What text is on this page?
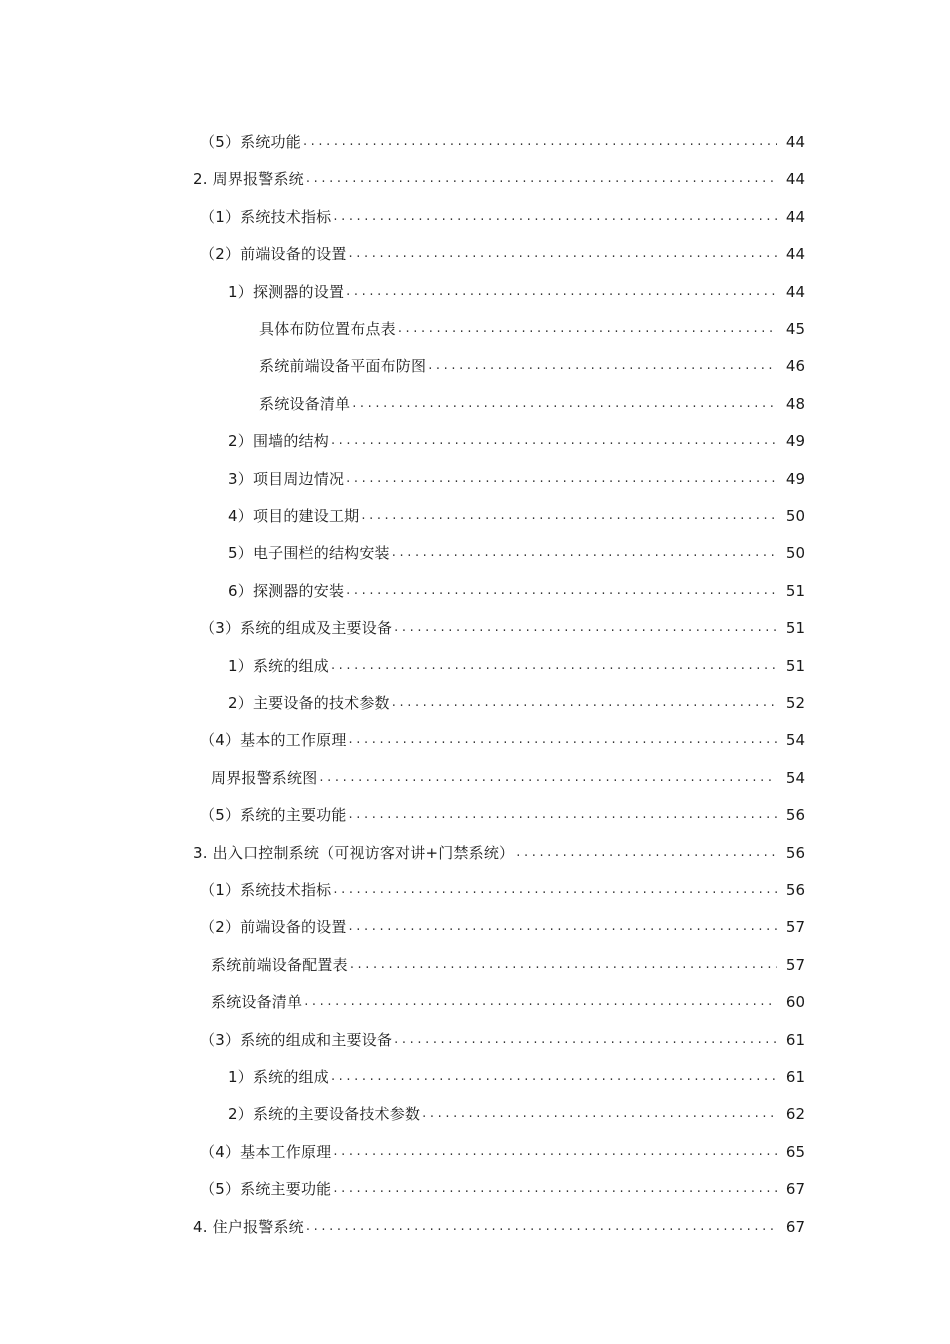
（5）系统功能 .....	44
2. 周界报警系统 .....	44
（1）系统技术指标 .....	44
（2）前端设备的设置 .....	44
1）探测器的设置 .....	44
具体布防位置布点表 .....	45
系统前端设备平面布防图 .....	46
系统设备清单 .....	48
2）围墙的结构 .....	49
3）项目周边情况 .....	49
4）项目的建设工期 .....	50
5）电子围栏的结构安装 .....	50
6）探测器的安装 .....	51
（3）系统的组成及主要设备 .....	51
1）系统的组成 .....	51
2）主要设备的技术参数 .....	52
（4）基本的工作原理 .....	54
周界报警系统图 .....	54
（5）系统的主要功能 .....	56
3. 出入口控制系统（可视访客对讲+门禁系统） .....	56
（1）系统技术指标 .....	56
（2）前端设备的设置 .....	57
系统前端设备配置表 .....	57
系统设备清单 .....	60
（3）系统的组成和主要设备 .....	61
1）系统的组成 .....	61
2）系统的主要设备技术参数 .....	62
（4）基本工作原理 .....	65
（5）系统主要功能 .....	67
4. 住户报警系统 .....	67
